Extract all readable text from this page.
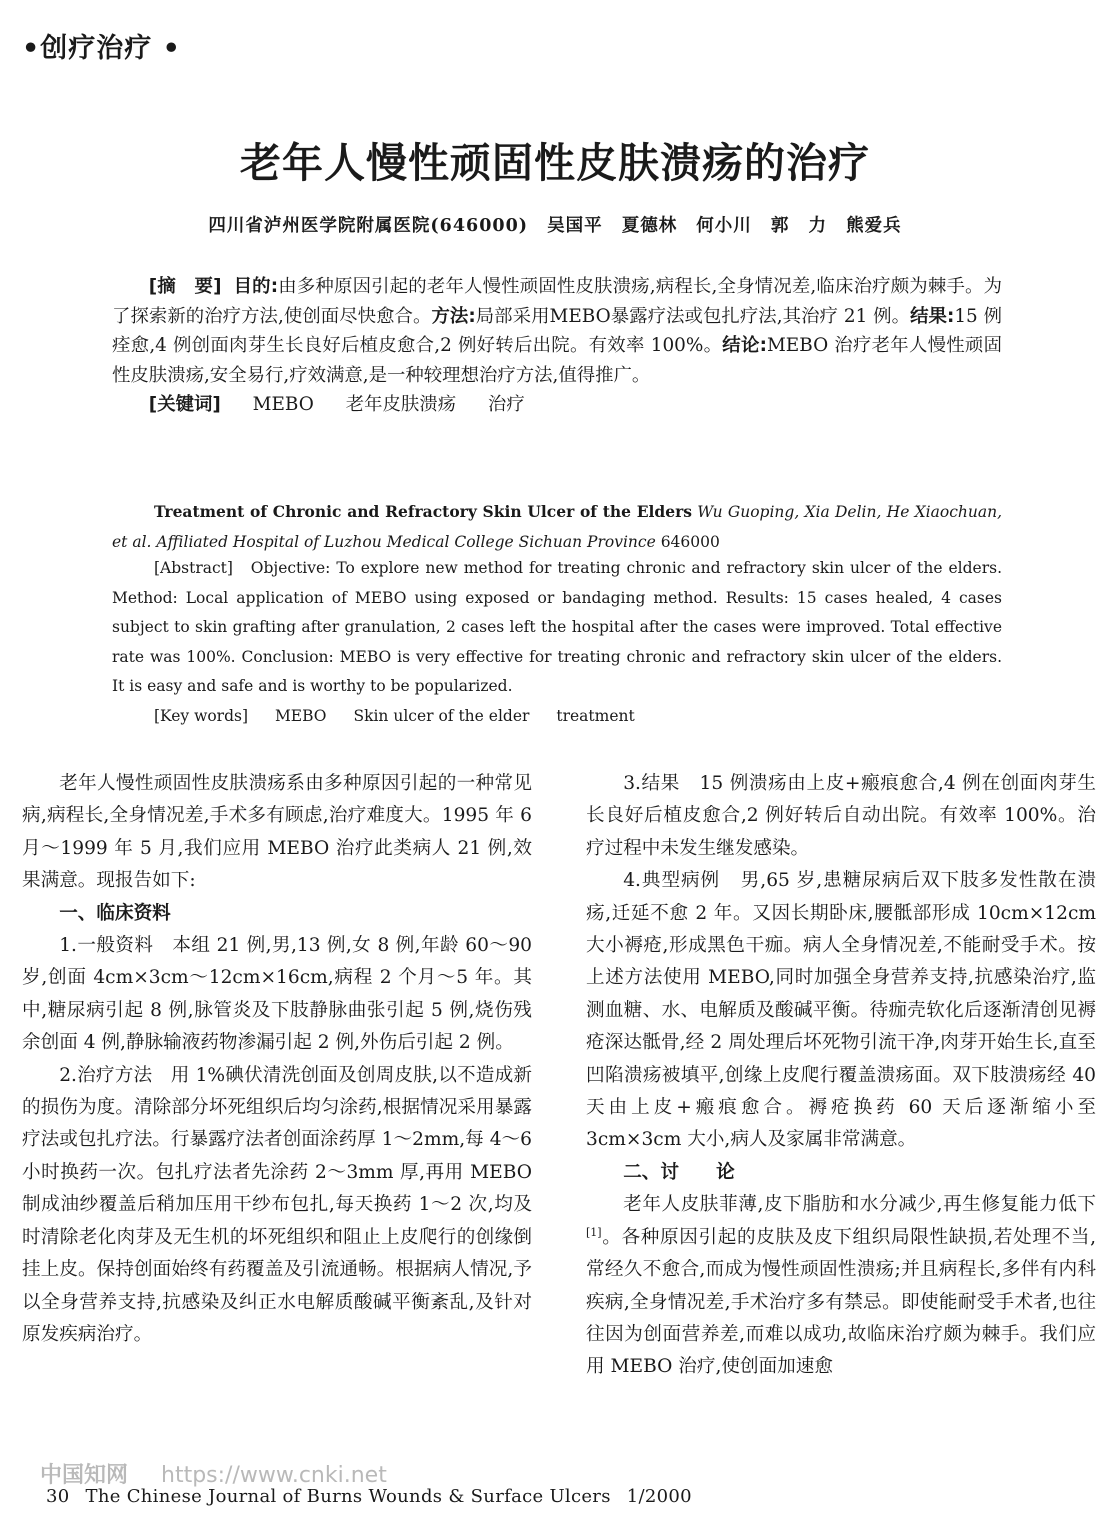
•创疗治疗 •
老年人慢性顽固性皮肤溃疡的治疗
四川省泸州医学院附属医院(646000) 吴国平 夏德林 何小川 郭 力 熊爱兵

[摘　要] 目的:由多种原因引起的老年人慢性顽固性皮肤溃疡,病程长,全身情况差,临床治疗颇为棘手。为了探索新的治疗方法,使创面尽快愈合。方法:局部采用MEBO暴露疗法或包扎疗法,其治疗 21 例。结果:15 例痊愈,4 例创面肉芽生长良好后植皮愈合,2 例好转后出院。有效率 100%。结论:MEBO 治疗老年人慢性顽固性皮肤溃疡,安全易行,疗效满意,是一种较理想治疗方法,值得推广。

[关键词] MEBO 老年皮肤溃疡 治疗

Treatment of Chronic and Refractory Skin Ulcer of the Elders Wu Guoping, Xia Delin, He Xiaochuan, et al. Affiliated Hospital of Luzhou Medical College Sichuan Province 646000

[Abstract] Objective: To explore new method for treating chronic and refractory skin ulcer of the elders. Method: Local application of MEBO using exposed or bandaging method. Results: 15 cases healed, 4 cases subject to skin grafting after granulation, 2 cases left the hospital after the cases were improved. Total effective rate was 100%. Conclusion: MEBO is very effective for treating chronic and refractory skin ulcer of the elders. It is easy and safe and is worthy to be popularized.

[Key words] MEBO Skin ulcer of the elder treatment

老年人慢性顽固性皮肤溃疡系由多种原因引起的一种常见病,病程长,全身情况差,手术多有顾虑,治疗难度大。1995 年 6 月～1999 年 5 月,我们应用 MEBO 治疗此类病人 21 例,效果满意。现报告如下:

一、临床资料

1.一般资料 本组 21 例,男,13 例,女 8 例,年龄 60～90 岁,创面 4cm×3cm～12cm×16cm,病程 2 个月～5 年。其中,糖尿病引起 8 例,脉管炎及下肢静脉曲张引起 5 例,烧伤残余创面 4 例,静脉输液药物渗漏引起 2 例,外伤后引起 2 例。

2.治疗方法 用 1%碘伏清洗创面及创周皮肤,以不造成新的损伤为度。清除部分坏死组织后均匀涂药,根据情况采用暴露疗法或包扎疗法。行暴露疗法者创面涂药厚 1～2mm,每 4～6 小时换药一次。包扎疗法者先涂药 2～3mm 厚,再用 MEBO 制成油纱覆盖后稍加压用干纱布包扎,每天换药 1～2 次,均及时清除老化肉芽及无生机的坏死组织和阻止上皮爬行的创缘倒挂上皮。保持创面始终有药覆盖及引流通畅。根据病人情况,予以全身营养支持,抗感染及纠正水电解质酸碱平衡紊乱,及针对原发疾病治疗。

3.结果 15 例溃疡由上皮+瘢痕愈合,4 例在创面肉芽生长良好后植皮愈合,2 例好转后自动出院。有效率 100%。治疗过程中未发生继发感染。

4.典型病例 男,65 岁,患糖尿病后双下肢多发性散在溃疡,迁延不愈 2 年。又因长期卧床,腰骶部形成 10cm×12cm 大小褥疮,形成黑色干痂。病人全身情况差,不能耐受手术。按上述方法使用 MEBO,同时加强全身营养支持,抗感染治疗,监测血糖、水、电解质及酸碱平衡。待痂壳软化后逐渐清创见褥疮深达骶骨,经 2 周处理后坏死物引流干净,肉芽开始生长,直至凹陷溃疡被填平,创缘上皮爬行覆盖溃疡面。双下肢溃疡经 40 天由上皮+瘢痕愈合。褥疮换药 60 天后逐渐缩小至 3cm×3cm 大小,病人及家属非常满意。

二、讨　　论

老年人皮肤菲薄,皮下脂肪和水分减少,再生修复能力低下[1]。各种原因引起的皮肤及皮下组织局限性缺损,若处理不当,常经久不愈合,而成为慢性顽固性溃疡;并且病程长,多伴有内科疾病,全身情况差,手术治疗多有禁忌。即使能耐受手术者,也往往因为创面营养差,而难以成功,故临床治疗颇为棘手。我们应用 MEBO 治疗,使创面加速愈

中国知网 https://www.cnki.net
30 The Chinese Journal of Burns Wounds & Surface Ulcers 1/2000
